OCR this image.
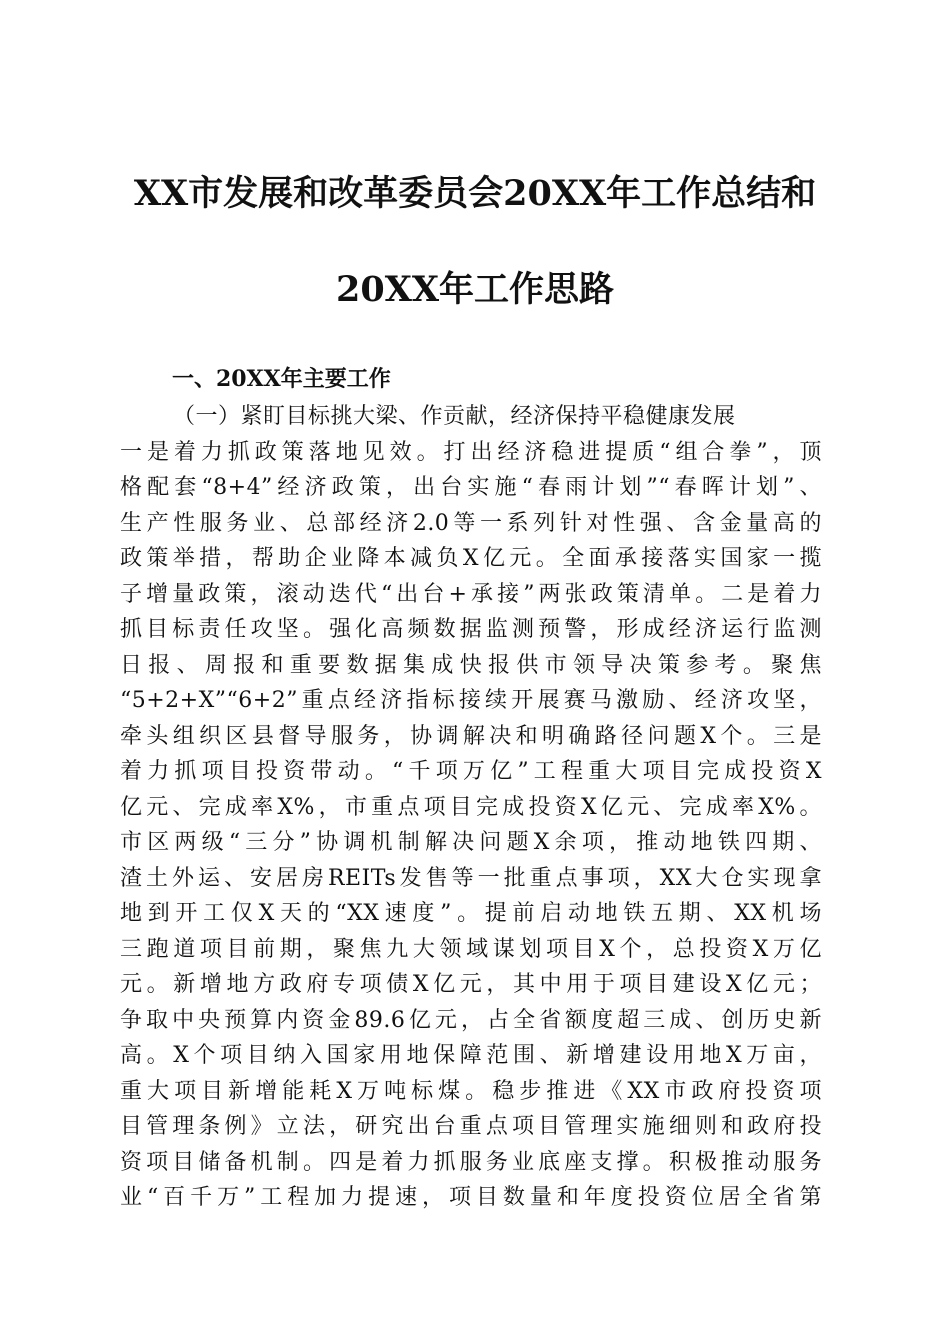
XX市发展和改革委员会20XX年工作总结和
20XX年工作思路
一、20XX年主要工作
（一）紧盯目标挑大梁、作贡献，经济保持平稳健康发展
一是着力抓政策落地见效。打出经济稳进提质“组合拳”，顶
格配套“8+4”经济政策，出台实施“春雨计划”“春晖计划”、
生产性服务业、总部经济2.0等一系列针对性强、含金量高的
政策举措，帮助企业降本减负X亿元。全面承接落实国家一揽
子增量政策，滚动迭代“出台+承接”两张政策清单。二是着力
抓目标责任攻坚。强化高频数据监测预警，形成经济运行监测
日报、周报和重要数据集成快报供市领导决策参考。聚焦
“5+2+X”“6+2”重点经济指标接续开展赛马激励、经济攻坚，
牵头组织区县督导服务，协调解决和明确路径问题X个。三是
着力抓项目投资带动。“千项万亿”工程重大项目完成投资X
亿元、完成率X%，市重点项目完成投资X亿元、完成率X%。
市区两级“三分”协调机制解决问题X余项，推动地铁四期、
渣土外运、安居房REITs发售等一批重点事项，XX大仓实现拿
地到开工仅X天的“XX速度”。提前启动地铁五期、XX机场
三跑道项目前期，聚焦九大领域谋划项目X个，总投资X万亿
元。新增地方政府专项债X亿元，其中用于项目建设X亿元；
争取中央预算内资金89.6亿元，占全省额度超三成、创历史新
高。X个项目纳入国家用地保障范围、新增建设用地X万亩，
重大项目新增能耗X万吨标煤。稳步推进《XX市政府投资项
目管理条例》立法，研究出台重点项目管理实施细则和政府投
资项目储备机制。四是着力抓服务业底座支撑。积极推动服务
业“百千万”工程加力提速，项目数量和年度投资位居全省第
